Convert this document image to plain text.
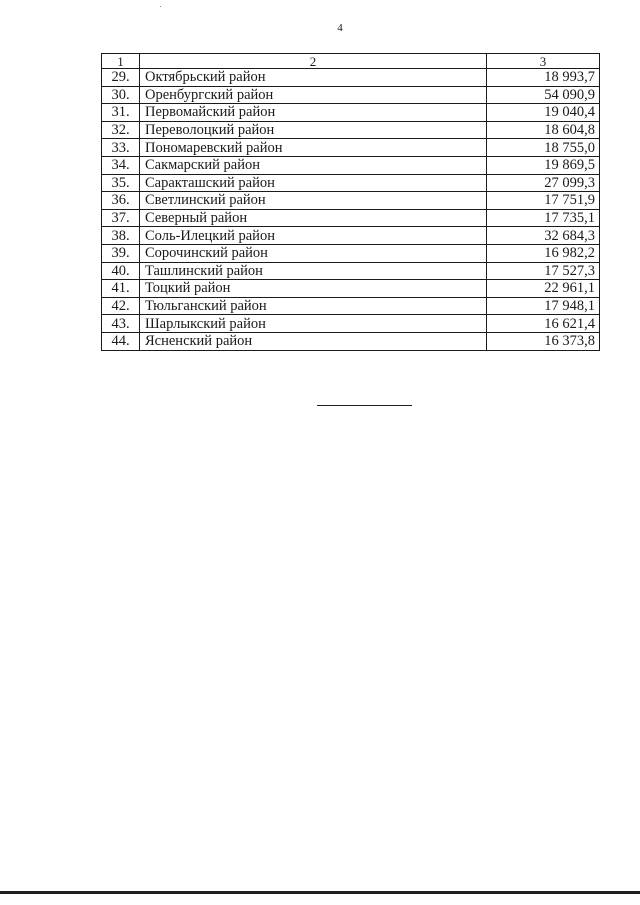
4
1	2	3
29.	Октябрьский район	18 993,7
30.	Оренбургский район	54 090,9
31.	Первомайский район	19 040,4
32.	Переволоцкий район	18 604,8
33.	Пономаревский район	18 755,0
34.	Сакмарский район	19 869,5
35.	Саракташский район	27 099,3
36.	Светлинский район	17 751,9
37.	Северный район	17 735,1
38.	Соль-Илецкий район	32 684,3
39.	Сорочинский район	16 982,2
40.	Ташлинский район	17 527,3
41.	Тоцкий район	22 961,1
42.	Тюльганский район	17 948,1
43.	Шарлыкский район	16 621,4
44.	Ясненский район	16 373,8
